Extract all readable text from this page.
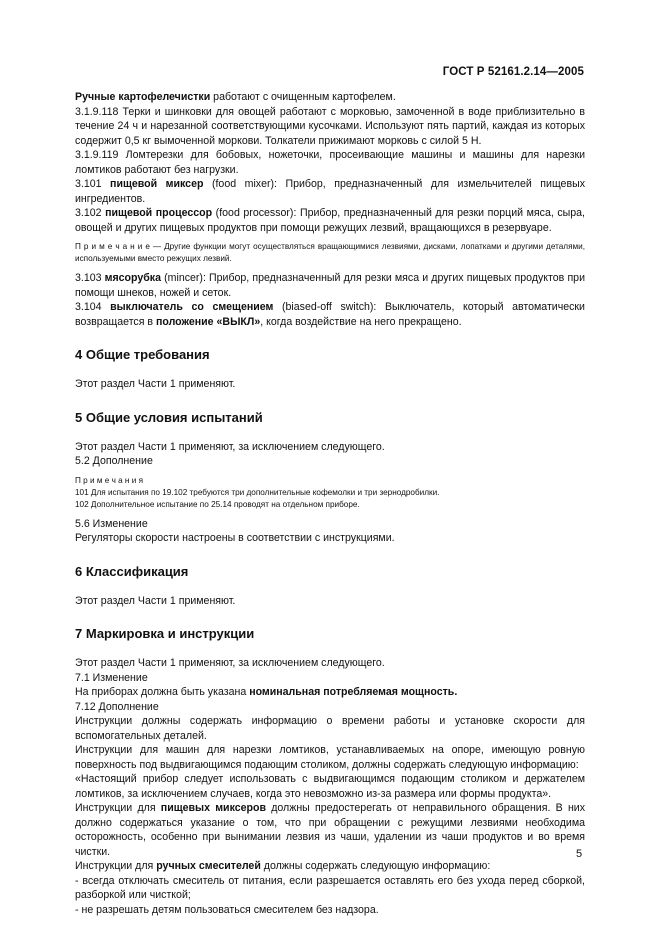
ГОСТ Р 52161.2.14—2005

Ручные картофелечистки работают с очищенным картофелем.

3.1.9.118 Терки и шинковки для овощей работают с морковью, замоченной в воде приблизительно в течение 24 ч и нарезанной соответствующими кусочками. Используют пять партий, каждая из которых содержит 0,5 кг вымоченной моркови. Толкатели прижимают морковь с силой 5 Н.

3.1.9.119 Ломтерезки для бобовых, ножеточки, просеивающие машины и машины для нарезки ломтиков работают без нагрузки.

3.101 пищевой миксер (food mixer): Прибор, предназначенный для измельчителей пищевых ингредиентов.

3.102 пищевой процессор (food processor): Прибор, предназначенный для резки порций мяса, сыра, овощей и других пищевых продуктов при помощи режущих лезвий, вращающихся в резервуаре.

П р и м е ч а н и е — Другие функции могут осуществляться вращающимися лезвиями, дисками, лопатками и другими деталями, используемыми вместо режущих лезвий.

3.103 мясорубка (mincer): Прибор, предназначенный для резки мяса и других пищевых продуктов при помощи шнеков, ножей и сеток.

3.104 выключатель со смещением (biased-off switch): Выключатель, который автоматически возвращается в положение «ВЫКЛ», когда воздействие на него прекращено.

4 Общие требования

Этот раздел Части 1 применяют.

5 Общие условия испытаний

Этот раздел Части 1 применяют, за исключением следующего.

5.2 Дополнение

П р и м е ч а н и я

101 Для испытания по 19.102 требуются три дополнительные кофемолки и три зернодробилки.

102 Дополнительное испытание по 25.14 проводят на отдельном приборе.

5.6 Изменение

Регуляторы скорости настроены в соответствии с инструкциями.

6 Классификация

Этот раздел Части 1 применяют.

7 Маркировка и инструкции

Этот раздел Части 1 применяют, за исключением следующего.

7.1 Изменение

На приборах должна быть указана номинальная потребляемая мощность.

7.12 Дополнение

Инструкции должны содержать информацию о времени работы и установке скорости для вспомогательных деталей.

Инструкции для машин для нарезки ломтиков, устанавливаемых на опоре, имеющую ровную поверхность под выдвигающимся подающим столиком, должны содержать следующую информацию:

«Настоящий прибор следует использовать с выдвигающимся подающим столиком и держателем ломтиков, за исключением случаев, когда это невозможно из-за размера или формы продукта».

Инструкции для пищевых миксеров должны предостерегать от неправильного обращения. В них должно содержаться указание о том, что при обращении с режущими лезвиями необходима осторожность, особенно при вынимании лезвия из чаши, удалении из чаши продуктов и во время чистки.

Инструкции для ручных смесителей должны содержать следующую информацию:

- всегда отключать смеситель от питания, если разрешается оставлять его без ухода перед сборкой, разборкой или чисткой;

- не разрешать детям пользоваться смесителем без надзора.

5
